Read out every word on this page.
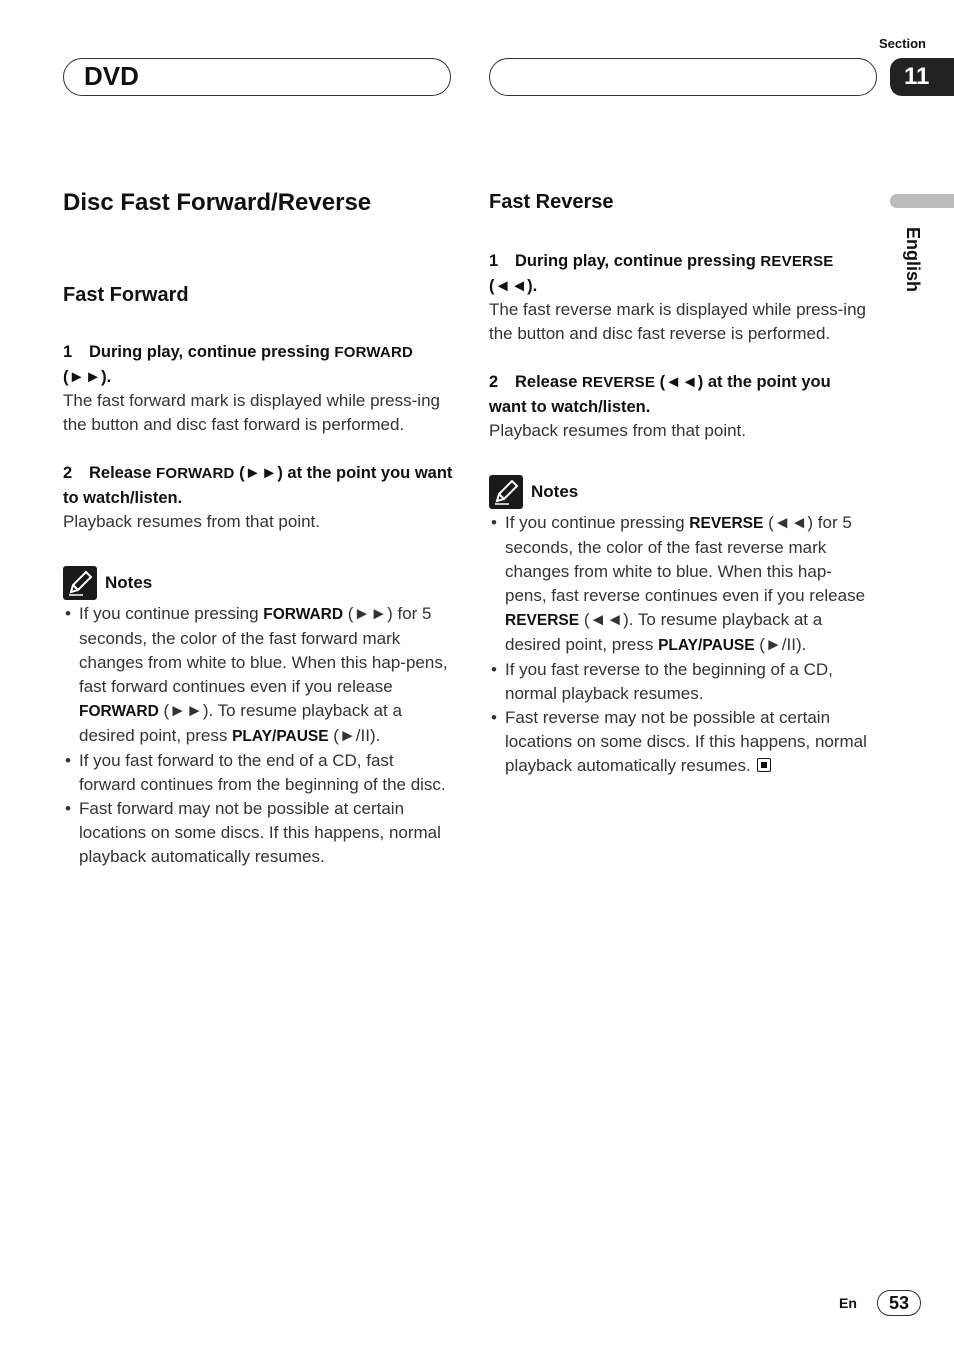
DVD
Section
11
English
Disc Fast Forward/Reverse
Fast Forward
1 During play, continue pressing FORWARD
(►►).
The fast forward mark is displayed while press-ing the button and disc fast forward is performed.
2 Release FORWARD (►►) at the point you want to watch/listen.
Playback resumes from that point.
Notes
• If you continue pressing FORWARD (►►) for 5 seconds, the color of the fast forward mark changes from white to blue. When this hap-pens, fast forward continues even if you release FORWARD (►►). To resume playback at a desired point, press PLAY/PAUSE (►/II).
• If you fast forward to the end of a CD, fast forward continues from the beginning of the disc.
• Fast forward may not be possible at certain locations on some discs. If this happens, normal playback automatically resumes.
Fast Reverse
1 During play, continue pressing REVERSE
(◄◄).
The fast reverse mark is displayed while press-ing the button and disc fast reverse is performed.
2 Release REVERSE (◄◄) at the point you want to watch/listen.
Playback resumes from that point.
Notes
• If you continue pressing REVERSE (◄◄) for 5 seconds, the color of the fast reverse mark changes from white to blue. When this hap-pens, fast reverse continues even if you release REVERSE (◄◄). To resume playback at a desired point, press PLAY/PAUSE (►/II).
• If you fast reverse to the beginning of a CD, normal playback resumes.
• Fast reverse may not be possible at certain locations on some discs. If this happens, normal playback automatically resumes.
En	53
